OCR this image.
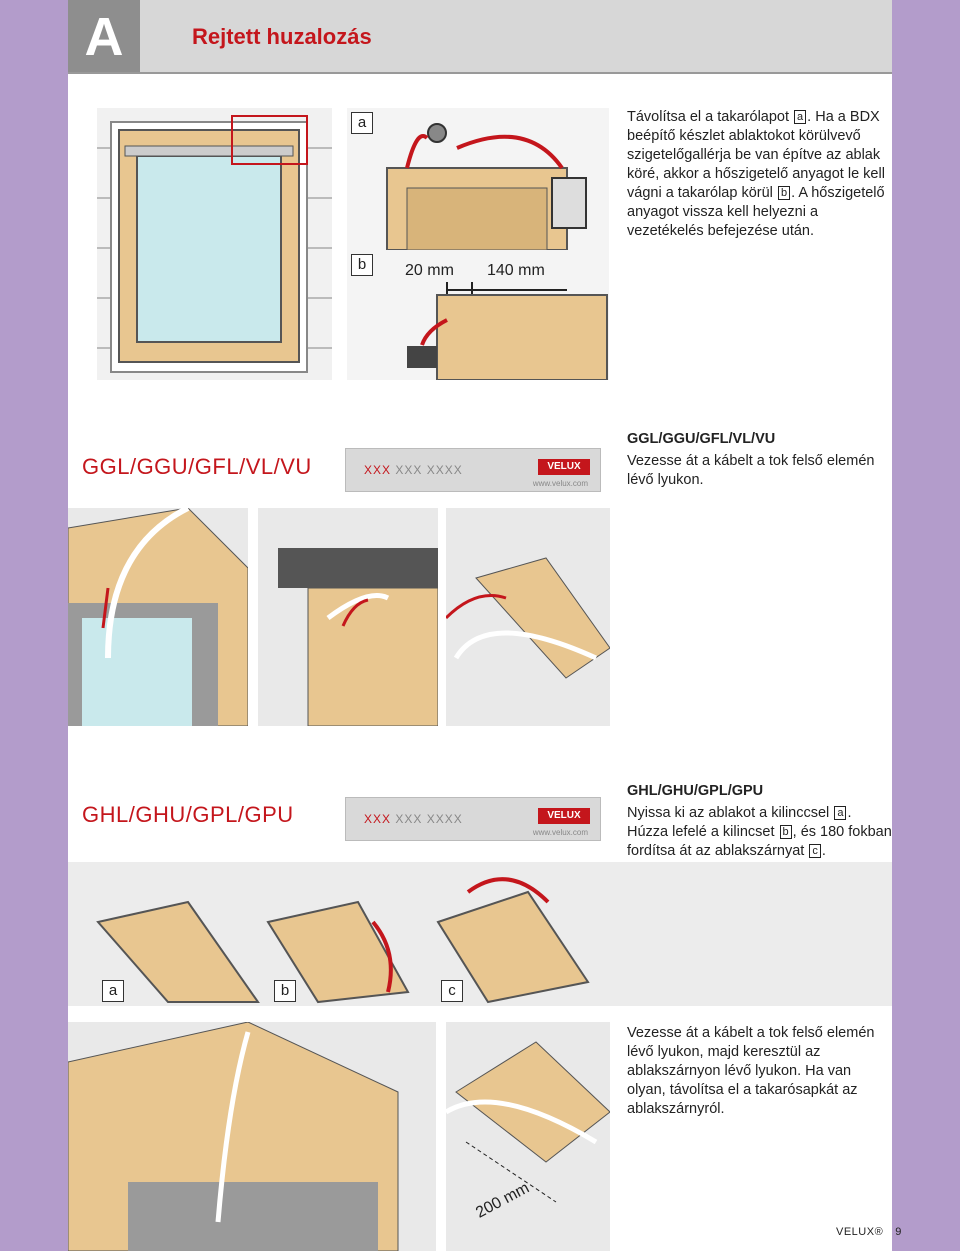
A	Rejtett huzalozás
a
b	20 mm 140 mm
Távolítsa el a takarólapot a . Ha a BDX beépítő készlet ablaktokot körülvevő szigetelőgallérja be van építve az ablak köré, akkor a hőszigetelő anyagot le kell vágni a takarólap körül b . A hőszigetelő anyagot vissza kell helyezni a vezetékelés befejezése után.
GGL/GGU/GFL/VL/VU	XXX XXX XXXX	VELUX
www.velux.com
GGL/GGU/GFL/VL/VU
Vezesse át a kábelt a tok felső elemén lévő lyukon.
GHL/GHU/GPL/GPU	XXX XXX XXXX	VELUX
www.velux.com
GHL/GHU/GPL/GPU
Nyissa ki az ablakot a kilinccsel a . Húzza lefelé a kilincset b , és 180 fokban fordítsa át az ablakszárnyat c .
a	b	c
200 mm
Vezesse át a kábelt a tok felső elemén lévő lyukon, majd keresztül az ablakszárnyon lévő lyukon. Ha van olyan, távolítsa el a takarósapkát az ablakszárnyról.
VELUX® 9
